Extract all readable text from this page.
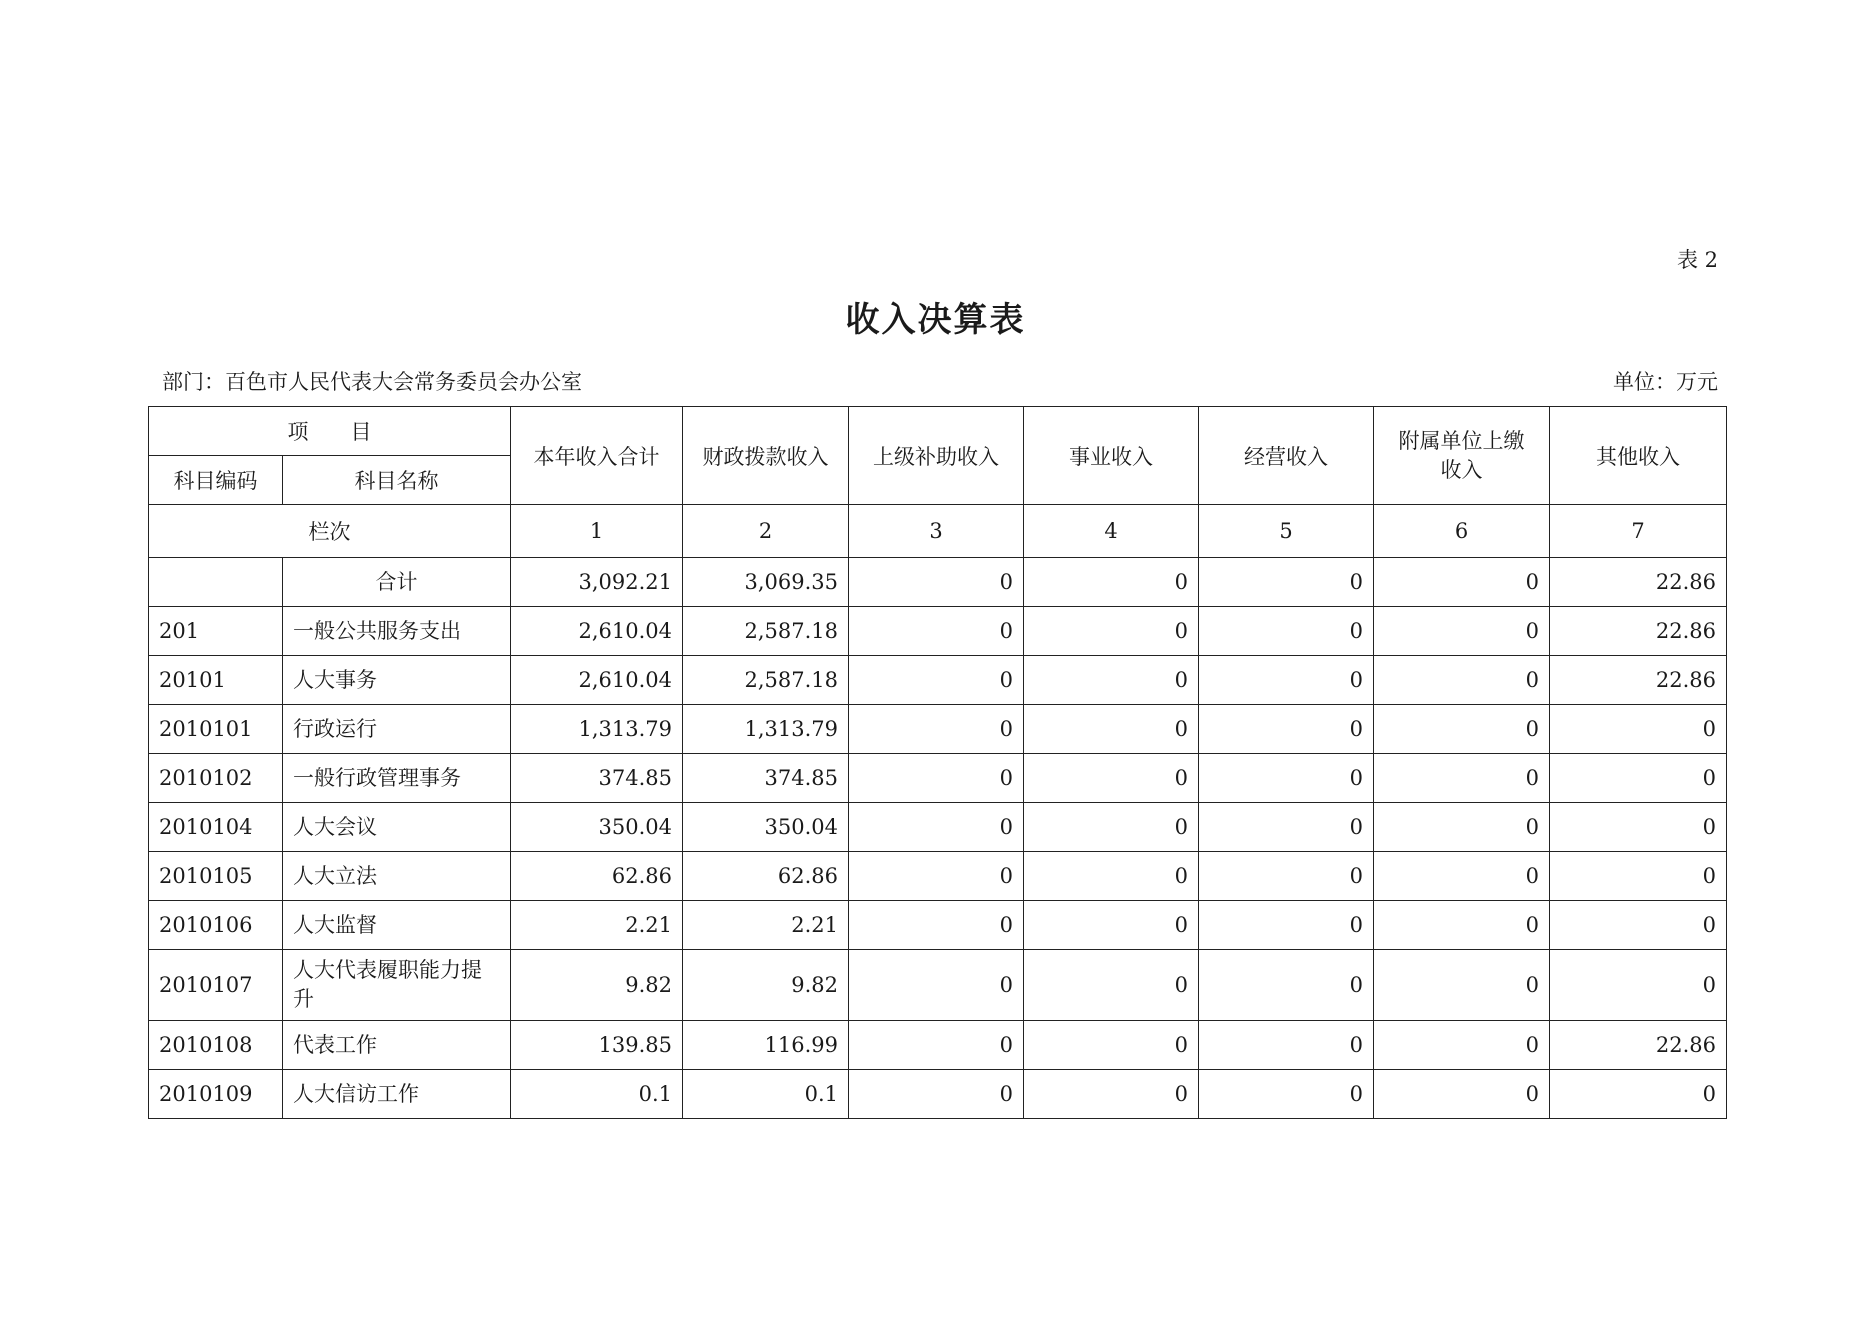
表 2
收入决算表
部门：百色市人民代表大会常务委员会办公室	单位：万元
项　　目		本年收入合计	财政拨款收入	上级补助收入	事业收入	经营收入	附属单位上缴收入	其他收入
科目编码	科目名称							
栏次		1	2	3	4	5	6	7
	合计	3,092.21	3,069.35	0	0	0	0	22.86
201	一般公共服务支出	2,610.04	2,587.18	0	0	0	0	22.86
20101	人大事务	2,610.04	2,587.18	0	0	0	0	22.86
2010101	行政运行	1,313.79	1,313.79	0	0	0	0	0
2010102	一般行政管理事务	374.85	374.85	0	0	0	0	0
2010104	人大会议	350.04	350.04	0	0	0	0	0
2010105	人大立法	62.86	62.86	0	0	0	0	0
2010106	人大监督	2.21	2.21	0	0	0	0	0
2010107	人大代表履职能力提升	9.82	9.82	0	0	0	0	0
2010108	代表工作	139.85	116.99	0	0	0	0	22.86
2010109	人大信访工作	0.1	0.1	0	0	0	0	0
